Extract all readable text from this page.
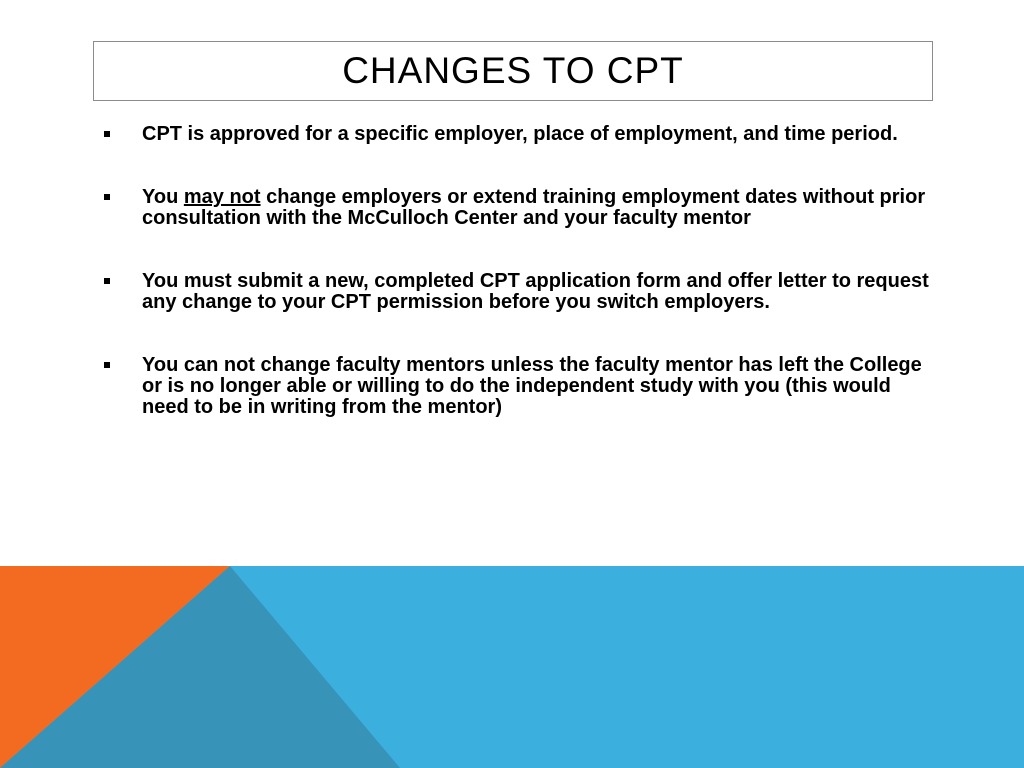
CHANGES TO CPT
CPT is approved for a specific employer, place of employment, and time period.
You may not change employers or extend training employment dates without prior consultation with the McCulloch Center and your faculty mentor
You must submit a new, completed CPT application form and offer letter to request any change to your CPT permission before you switch employers.
You can not change faculty mentors unless the faculty mentor has left the College or is no longer able or willing to do the independent study with you (this would need to be in writing from the mentor)
